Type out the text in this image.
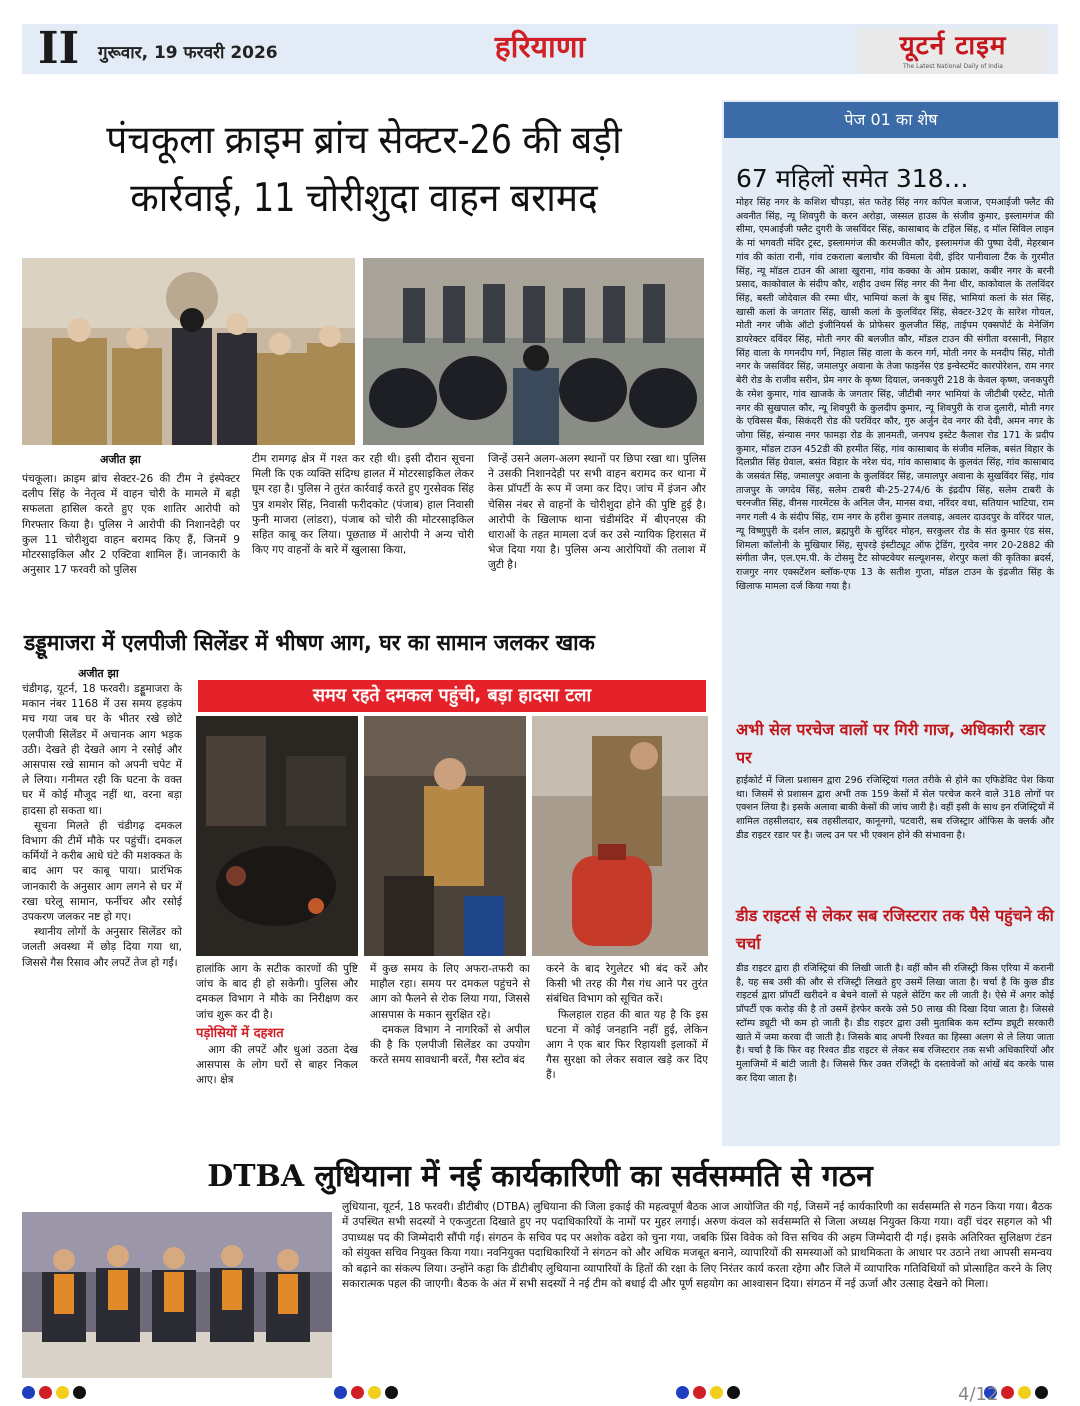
II गुरूवार, 19 फरवरी 2026	हरियाणा	यूटर्न टाइम
The Latest National Daily of India
पंचकूला क्राइम ब्रांच सेक्टर-26 की बड़ी
कार्रवाई, 11 चोरीशुदा वाहन बरामद
अजीत झा
पंचकूला। क्राइम ब्रांच सेक्टर-26 की टीम ने इंस्पेक्टर दलीप सिंह के नेतृत्व में वाहन चोरी के मामले में बड़ी सफलता हासिल करते हुए एक शातिर आरोपी को गिरफ्तार किया है। पुलिस ने आरोपी की निशानदेही पर कुल 11 चोरीशुदा वाहन बरामद किए हैं, जिनमें 9 मोटरसाइकिल और 2 एक्टिवा शामिल हैं। जानकारी के अनुसार 17 फरवरी को पुलिस
टीम रामगढ़ क्षेत्र में गश्त कर रही थी। इसी दौरान सूचना मिली कि एक व्यक्ति संदिग्ध हालत में मोटरसाइकिल लेकर घूम रहा है। पुलिस ने तुरंत कार्रवाई करते हुए गुरसेवक सिंह पुत्र शमशेर सिंह, निवासी फरीदकोट (पंजाब) हाल निवासी फुनी माजरा (लांडरा), पंजाब को चोरी की मोटरसाइकिल सहित काबू कर लिया। पूछताछ में आरोपी ने अन्य चोरी किए गए वाहनों के बारे में खुलासा किया,
जिन्हें उसने अलग-अलग स्थानों पर छिपा रखा था। पुलिस ने उसकी निशानदेही पर सभी वाहन बरामद कर थाना में केस प्रॉपर्टी के रूप में जमा कर दिए। जांच में इंजन और चेसिस नंबर से वाहनों के चोरीशुदा होने की पुष्टि हुई है। आरोपी के खिलाफ थाना चंडीमंदिर में बीएनएस की धाराओं के तहत मामला दर्ज कर उसे न्यायिक हिरासत में भेज दिया गया है। पुलिस अन्य आरोपियों की तलाश में जुटी है।
डड्डूमाजरा में एलपीजी सिलेंडर में भीषण आग, घर का सामान जलकर खाक
अजीत झा
समय रहते दमकल पहुंची, बड़ा हादसा टला

चंडीगढ़, यूटर्न, 18 फरवरी। डड्डूमाजरा के मकान नंबर 1168 में उस समय हड़कंप मच गया जब घर के भीतर रखे छोटे एलपीजी सिलेंडर में अचानक आग भड़क उठी। देखते ही देखते आग ने रसोई और आसपास रखे सामान को अपनी चपेट में ले लिया। गनीमत रही कि घटना के वक्त घर में कोई मौजूद नहीं था, वरना बड़ा हादसा हो सकता था।

सूचना मिलते ही चंडीगढ़ दमकल विभाग की टीमें मौके पर पहुंचीं। दमकल कर्मियों ने करीब आधे घंटे की मशक्कत के बाद आग पर काबू पाया। प्रारंभिक जानकारी के अनुसार आग लगने से घर में रखा घरेलू सामान, फर्नीचर और रसोई उपकरण जलकर नष्ट हो गए।

स्थानीय लोगों के अनुसार सिलेंडर को जलती अवस्था में छोड़ दिया गया था, जिससे गैस रिसाव और लपटें तेज हो गईं।

हालांकि आग के सटीक कारणों की पुष्टि जांच के बाद ही हो सकेगी। पुलिस और दमकल विभाग ने मौके का निरीक्षण कर जांच शुरू कर दी है।

पड़ोसियों में दहशत

आग की लपटें और धुआं उठता देख आसपास के लोग घरों से बाहर निकल आए। क्षेत्र

में कुछ समय के लिए अफरा-तफरी का माहौल रहा। समय पर दमकल पहुंचने से आग को फैलने से रोक लिया गया, जिससे आसपास के मकान सुरक्षित रहे।

दमकल विभाग ने नागरिकों से अपील की है कि एलपीजी सिलेंडर का उपयोग करते समय सावधानी बरतें, गैस स्टोव बंद

करने के बाद रेगुलेटर भी बंद करें और किसी भी तरह की गैस गंध आने पर तुरंत संबंधित विभाग को सूचित करें।

फिलहाल राहत की बात यह है कि इस घटना में कोई जनहानि नहीं हुई, लेकिन आग ने एक बार फिर रिहायशी इलाकों में गैस सुरक्षा को लेकर सवाल खड़े कर दिए हैं।

पेज 01 का शेष
67 महिलों समेत 318…
मोहर सिंह नगर के कशिश चौपड़ा, संत फतेह सिंह नगर कपिल बजाज, एमआईजी फ्लैट की अवनीत सिंह, न्यू शिवपुरी के करन अरोड़ा, जस्सल हाउस के संजीव कुमार, इस्लामगंज की सीमा, एमआईजी फ्लैट दुगरी के जसविंदर सिंह, कासाबाद के टहिल सिंह, द मॉल सिविल लाइन के मां भगवती मंदिर ट्रस्ट, इस्लामगंज की करमजीत कौर, इस्लामगंज की पुष्पा देवी, मेहरबान गांव की कांता रानी, गांव टकराला बलाचौर की विमला देवी, इंदिर पानीवाला टैंक के गुरमीत सिंह, न्यू मॉडल टाउन की आशा खुराना, गांव कक्का के ओम प्रकाश, कबीर नगर के बरनी प्रसाद, काकोवाल के संदीप कौर, शहीद उधम सिंह नगर की नैना धीर, काकोवाल के तलविंदर सिंह, बस्ती जोदेवाल की रम्मा धीर, भामियां कलां के बुध सिंह, भामियां कलां के संत सिंह, खासी कलां के जगतार सिंह, खासी कलां के कुलविंदर सिंह, सेक्टर-32ए के सारेश गोयल, मोती नगर जीके ऑटो इंजीनियर्स के प्रोफेसर कुलजीत सिंह, ताईपम एक्सपोर्ट के मेनेजिंग डायरेक्टर दविंदर सिंह, मोती नगर की बलजीत कौर, मॉडल टाउन की संगीता वरसानी, निहार सिंह वाला के गगनदीप गर्ग, निहाल सिंह वाला के करन गर्ग, मोती नगर के मनदीप सिंह, मोती नगर के जसविंदर सिंह, जमालपुर अवाना के तेजा फाइनेंस एंड इन्वेस्टमेंट कारपोरेशन, राम नगर बेरी रोड के राजीव सरीन, प्रेम नगर के कृष्ण दियाल, जनकपुरी 218 के केवल कृष्ण, जनकपुरी के रमेश कुमार, गांव खाजके के जगतार सिंह, जीटीबी नगर भामियां के जीटीबी एस्टेट, मोती नगर की सुखपाल कौर, न्यू शिवपुरी के कुलदीप कुमार, न्यू शिवपुरी के राज दुलारी, मोती नगर के एविसस बैंक, सिकंदरी रोड की परविंदर कौर, गुरु अर्जुन देव नगर की देवी, अमन नगर के जोगा सिंह, संन्यास नगर फामड़ा रोड के ज्ञानमती, जनपथ इस्टेट कैलाश रोड 171 के प्रदीप कुमार, मॉडल टाउन 452डी की हरमीत सिंह, गांव कासाबाद के संजीव मलिक, बसंत विहार के दिलप्रीत सिंह ग्रेवाल, बसंत विहार के नरेश चंद, गांव कासाबाद के कुलवंत सिंह, गांव कासाबाद के जसवंत सिंह, जमालपुर अवाना के कुलविंदर सिंह, जमालपुर अवाना के सुखविंदर सिंह, गांव ताजपुर के जगदेव सिंह, सलेम टाबरी बी-25-274/6 के इंद्रदीप सिंह, सलेम टाबरी के चरनजीत सिंह, वीनस गारमेंटस के अनिल जैन, मानस वधा, नरिंदर वधा, सतियान भाटिया, राम नगर गली 4 के संदीप सिंह, राम नगर के हरीश कुमार तलवाड़, अवलर दाउदपुर के वरिंदर पाल, न्यू विष्णुपुरी के दर्शन लाल, ब्रह्मपुरी के सुरिंदर मोहन, सरकुलर रोड के संत कुमार एंड संस, शिमला कॉलोनी के मुखियार सिंह, सुपरड़े इंस्टीट्यूट ऑफ ट्रेडिंग, गुरदेव नगर 20-2882 की संगीता जैन, एल.एम.पी. के टोसमु टैट सोफ्टवेयर सल्यूशनस, शेरपुर कलां की कृतिका ब्रदर्स, राजगुर नगर एक्सटेंशन ब्लॉक-एफ 13 के सतीश गुप्ता, मॉडल टाउन के इंद्रजीत सिंह के खिलाफ मामला दर्ज किया गया है।
अभी सेल परचेज वालों पर गिरी गाज, अधिकारी रडार पर
हाईकोर्ट में जिला प्रशासन द्वारा 296 रजिस्ट्रियां गलत तरीके से होने का एफिडेविट पेश किया था। जिसमें से प्रशासन द्वारा अभी तक 159 केसों में सेल परचेज करने वाले 318 लोगों पर एक्शन लिया है। इसके अलावा बाकी केसों की जांच जारी है। वहीं इसी के साथ इन रजिस्ट्रियों में शामिल तहसीलदार, सब तहसीलदार, कानूनगो, पटवारी, सब रजिस्ट्रार ऑफिस के क्लर्क और डीड राइटर रडार पर है। जल्द उन पर भी एक्शन होने की संभावना है।
डीड राइटर्स से लेकर सब रजिस्टरार तक पैसे पहुंचने की चर्चा
डीड राइटर द्वारा ही रजिस्ट्रियां की लिखी जाती है। वहीं कौन सी रजिस्ट्री किस एरिया में करानी है, यह सब उसी की और से रजिस्ट्री लिखते हुए उसमें लिखा जाता है। चर्चा है कि कुछ डीड राइटर्स द्वारा प्रॉपर्टी खरीदने व बेचने वालों से पहले सेटिंग कर ली जाती है। ऐसे में अगर कोई प्रॉपर्टी एक करोड़ की है तो उसमें हेरफेर करके उसे 50 लाख की दिखा दिया जाता है। जिससे स्टॉम्प ड्यूटी भी कम हो जाती है। डीड राइटर द्वारा उसी मुताबिक कम स्टॉम्प ड्यूटी सरकारी खाते में जमा करवा दी जाती है। जिसके बाद अपनी रिश्वत का हिस्सा अलग से ले लिया जाता है। चर्चा है कि फिर वह रिश्वत डीड राइटर से लेकर सब रजिस्टरार तक सभी अधिकारियों और मुलाजिमों में बांटी जाती है। जिससे फिर उक्त रजिस्ट्री के दस्तावेजों को आंखें बंद करके पास कर दिया जाता है।
DTBA लुधियाना में नई कार्यकारिणी का सर्वसम्मति से गठन
लुधियाना, यूटर्न, 18 फरवरी। डीटीबीए (DTBA) लुधियाना की जिला इकाई की महत्वपूर्ण बैठक आज आयोजित की गई, जिसमें नई कार्यकारिणी का सर्वसम्मति से गठन किया गया। बैठक में उपस्थित सभी सदस्यों ने एकजुटता दिखाते हुए नए पदाधिकारियों के नामों पर मुहर लगाई। अरुण कंवल को सर्वसम्मति से जिला अध्यक्ष नियुक्त किया गया। वहीं चंदर सहगल को भी उपाध्यक्ष पद की जिम्मेदारी सौंपी गई। संगठन के सचिव पद पर अशोक वढेरा को चुना गया, जबकि प्रिंस विवेक को वित्त सचिव की अहम जिम्मेदारी दी गई। इसके अतिरिक्त सुलिक्षण टंडन को संयुक्त सचिव नियुक्त किया गया। नवनियुक्त पदाधिकारियों ने संगठन को और अधिक मजबूत बनाने, व्यापारियों की समस्याओं को प्राथमिकता के आधार पर उठाने तथा आपसी समन्वय को बढ़ाने का संकल्प लिया। उन्होंने कहा कि डीटीबीए लुधियाना व्यापारियों के हितों की रक्षा के लिए निरंतर कार्य करता रहेगा और जिले में व्यापारिक गतिविधियों को प्रोत्साहित करने के लिए सकारात्मक पहल की जाएगी। बैठक के अंत में सभी सदस्यों ने नई टीम को बधाई दी और पूर्ण सहयोग का आश्वासन दिया। संगठन में नई ऊर्जा और उत्साह देखने को मिला।
4/12
